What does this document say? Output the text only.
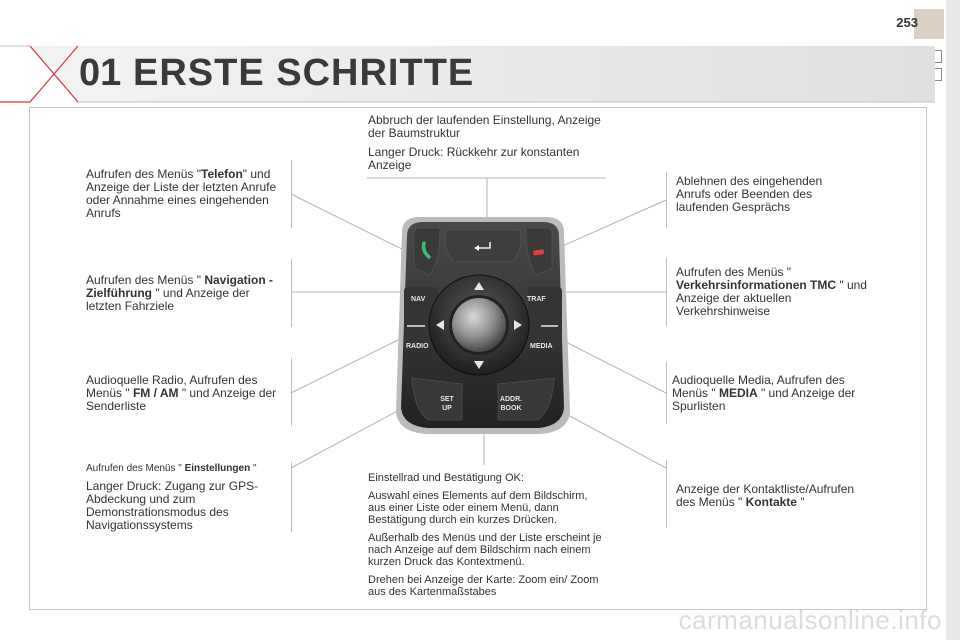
253
01 ERSTE SCHRITTE
NAV	TRAF
RADIO	MEDIA
SET
UP
ADDR.
BOOK

Abbruch der laufenden Einstellung, Anzeige der Baumstruktur

Langer Druck: Rückkehr zur konstanten Anzeige

Aufrufen des Menüs "Telefon" und Anzeige der Liste der letzten Anrufe oder Annahme eines eingehenden Anrufs
Ablehnen des eingehenden Anrufs oder Beenden des laufenden Gesprächs
Aufrufen des Menüs " Navigation - Zielführung " und Anzeige der letzten Fahrziele
Aufrufen des Menüs " Verkehrsinformationen TMC " und Anzeige der aktuellen Verkehrshinweise
Audioquelle Radio, Aufrufen des Menüs " FM / AM " und Anzeige der Senderliste
Audioquelle Media, Aufrufen des Menüs " MEDIA " und Anzeige der Spurlisten

Aufrufen des Menüs " Einstellungen "

Langer Druck: Zugang zur GPS-Abdeckung und zum Demonstrationsmodus des Navigationssystems

Einstellrad und Bestätigung OK:

Auswahl eines Elements auf dem Bildschirm, aus einer Liste oder einem Menü, dann Bestätigung durch ein kurzes Drücken.

Außerhalb des Menüs und der Liste erscheint je nach Anzeige auf dem Bildschirm nach einem kurzen Druck das Kontextmenü.

Drehen bei Anzeige der Karte: Zoom ein/ Zoom aus des Kartenmaßstabes

Anzeige der Kontaktliste/Aufrufen des Menüs " Kontakte "
carmanualsonline.info
